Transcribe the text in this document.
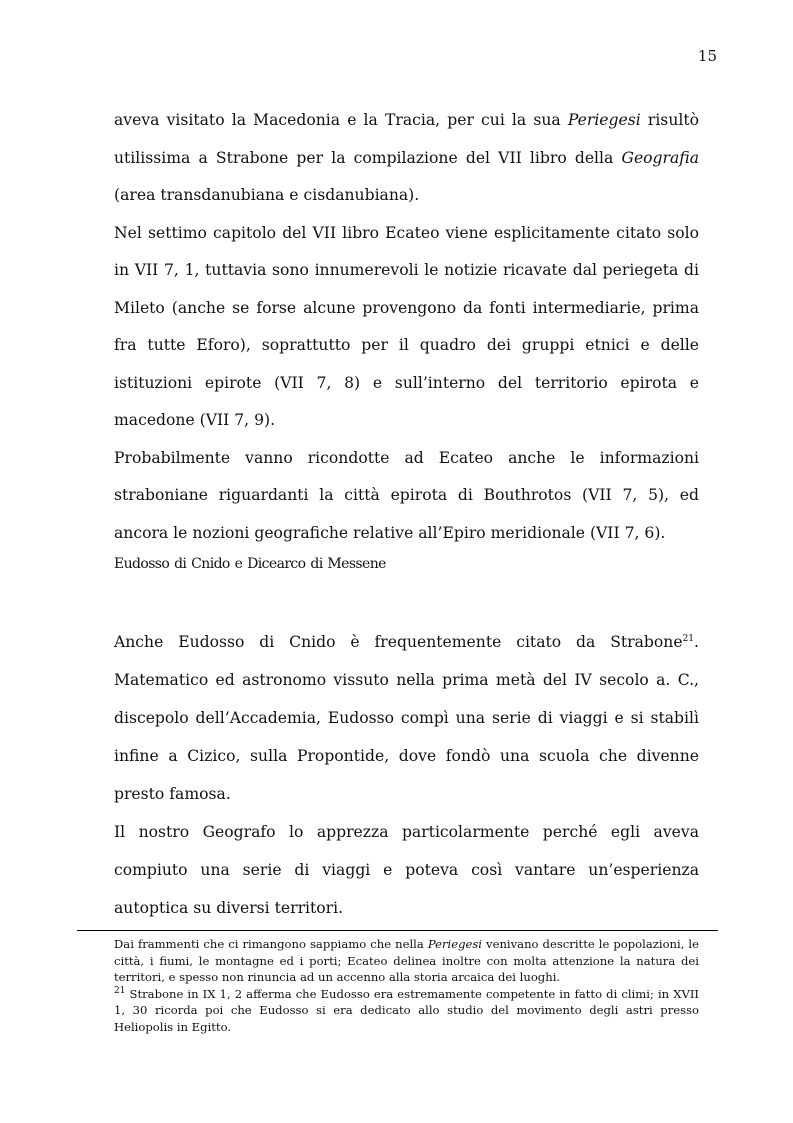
15

aveva visitato la Macedonia e la Tracia, per cui la sua Periegesi risultò utilissima a Strabone per la compilazione del VII libro della Geografia (area transdanubiana e cisdanubiana).

Nel settimo capitolo del VII libro Ecateo viene esplicitamente citato solo in VII 7, 1, tuttavia sono innumerevoli le notizie ricavate dal periegeta di Mileto (anche se forse alcune provengono da fonti intermediarie, prima fra tutte Eforo), soprattutto per il quadro dei gruppi etnici e delle istituzioni epirote (VII 7, 8) e sull’interno del territorio epirota e macedone (VII 7, 9).

Probabilmente vanno ricondotte ad Ecateo anche le informazioni straboniane riguardanti la città epirota di Bouthrotos (VII 7, 5), ed ancora le nozioni geografiche relative all’Epiro meridionale (VII 7, 6).

Eudosso di Cnido e Dicearco di Messene

Anche Eudosso di Cnido è frequentemente citato da Strabone$^{21}$. Matematico ed astronomo vissuto nella prima metà del IV secolo a. C., discepolo dell’Accademia, Eudosso compì una serie di viaggi e si stabilì infine a Cizico, sulla Propontide, dove fondò una scuola che divenne presto famosa.

Il nostro Geografo lo apprezza particolarmente perché egli aveva compiuto una serie di viaggi e poteva così vantare un’esperienza autoptica su diversi territori.

Dai frammenti che ci rimangono sappiamo che nella Periegesi venivano descritte le popolazioni, le città, i fiumi, le montagne ed i porti; Ecateo delinea inoltre con molta attenzione la natura dei territori, e spesso non rinuncia ad un accenno alla storia arcaica dei luoghi.

$^{21}$ Strabone in IX 1, 2 afferma che Eudosso era estremamente competente in fatto di climi; in XVII 1, 30 ricorda poi che Eudosso si era dedicato allo studio del movimento degli astri presso Heliopolis in Egitto.
